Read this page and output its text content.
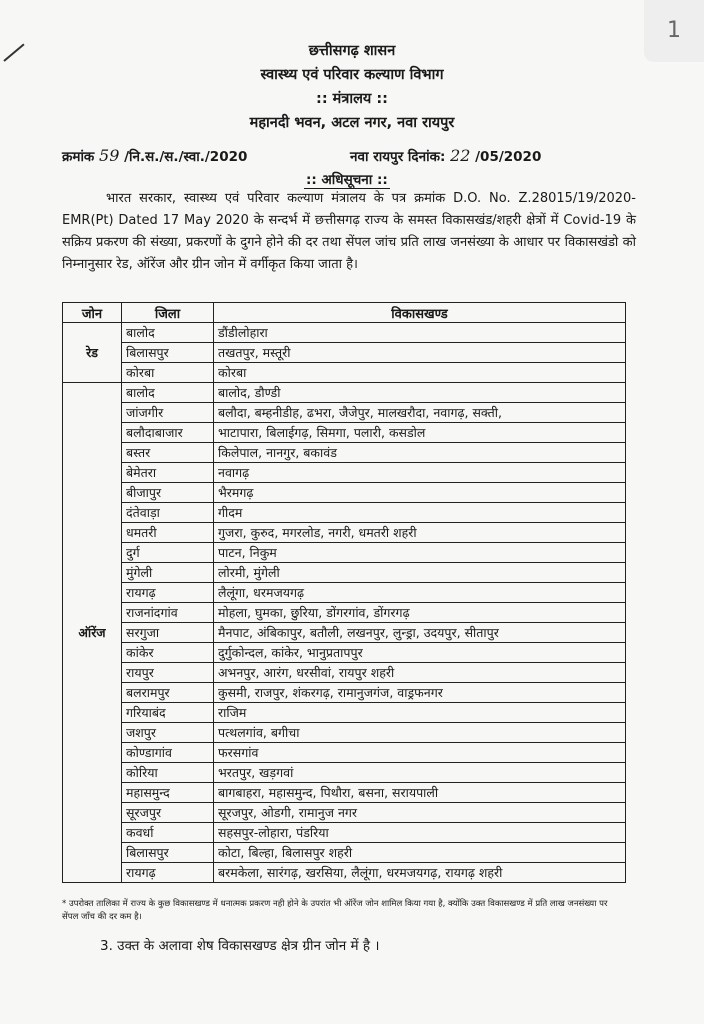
1
छत्तीसगढ़ शासन
स्वास्थ्य एवं परिवार कल्याण विभाग
:: मंत्रालय ::
महानदी भवन, अटल नगर, नवा रायपुर
क्रमांक 59 /नि.स./स./स्वा./2020	नवा रायपुर दिनांक: 22 /05/2020
:: अधिसूचना ::
भारत सरकार, स्वास्थ्य एवं परिवार कल्याण मंत्रालय के पत्र क्रमांक D.O. No. Z.28015/19/2020-EMR(Pt) Dated 17 May 2020 के सन्दर्भ में छत्तीसगढ़ राज्य के समस्त विकासखंड/शहरी क्षेत्रों में Covid-19 के सक्रिय प्रकरण की संख्या, प्रकरणों के दुगने होने की दर तथा सेंपल जांच प्रति लाख जनसंख्या के आधार पर विकासखंडो को निम्नानुसार रेड, ऑरेंज और ग्रीन जोन में वर्गीकृत किया जाता है।
जोन	जिला	विकासखण्ड
रेड	बालोद	डौंडीलोहारा
	बिलासपुर	तखतपुर, मस्तूरी
	कोरबा	कोरबा
ऑरेंज	बालोद	बालोद, डौण्डी
	जांजगीर	बलौदा, बम्हनीडीह, ढभरा, जैजेपुर, मालखरौदा, नवागढ़, सक्ती,
	बलौदाबाजार	भाटापारा, बिलाईगढ़, सिमगा, पलारी, कसडोल
	बस्तर	किलेपाल, नानगुर, बकावंड
	बेमेतरा	नवागढ़
	बीजापुर	भैरमगढ़
	दंतेवाड़ा	गीदम
	धमतरी	गुजरा, कुरुद, मगरलोड, नगरी, धमतरी शहरी
	दुर्ग	पाटन, निकुम
	मुंगेली	लोरमी, मुंगेली
	रायगढ़	लैलूंगा, धरमजयगढ़
	राजनांदगांव	मोहला, घुमका, छुरिया, डोंगरगांव, डोंगरगढ़
	सरगुजा	मैनपाट, अंबिकापुर, बतौली, लखनपुर, लुन्ड्रा, उदयपुर, सीतापुर
	कांकेर	दुर्गुकोन्दल, कांकेर, भानुप्रतापपुर
	रायपुर	अभनपुर, आरंग, धरसीवां, रायपुर शहरी
	बलरामपुर	कुसमी, राजपुर, शंकरगढ़, रामानुजगंज, वाड्रफनगर
	गरियाबंद	राजिम
	जशपुर	पत्थलगांव, बगीचा
	कोण्डागांव	फरसगांव
	कोरिया	भरतपुर, खड़गवां
	महासमुन्द	बागबाहरा, महासमुन्द, पिथौरा, बसना, सरायपाली
	सूरजपुर	सूरजपुर, ओडगी, रामानुज नगर
	कवर्धा	सहसपुर-लोहारा, पंडरिया
	बिलासपुर	कोटा, बिल्हा, बिलासपुर शहरी
	रायगढ़	बरमकेला, सारंगढ़, खरसिया, लैलूंगा, धरमजयगढ़, रायगढ़ शहरी
* उपरोक्त तालिका में राज्य के कुछ विकासखण्ड में धनात्मक प्रकरण नही होने के उपरांत भी ऑरेंज जोन शामिल किया गया है, क्योंकि उक्त विकासखण्ड में प्रति लाख जनसंख्या पर सेंपल जाँच की दर कम है।
3. उक्त के अलावा शेष विकासखण्ड क्षेत्र ग्रीन जोन में है ।
